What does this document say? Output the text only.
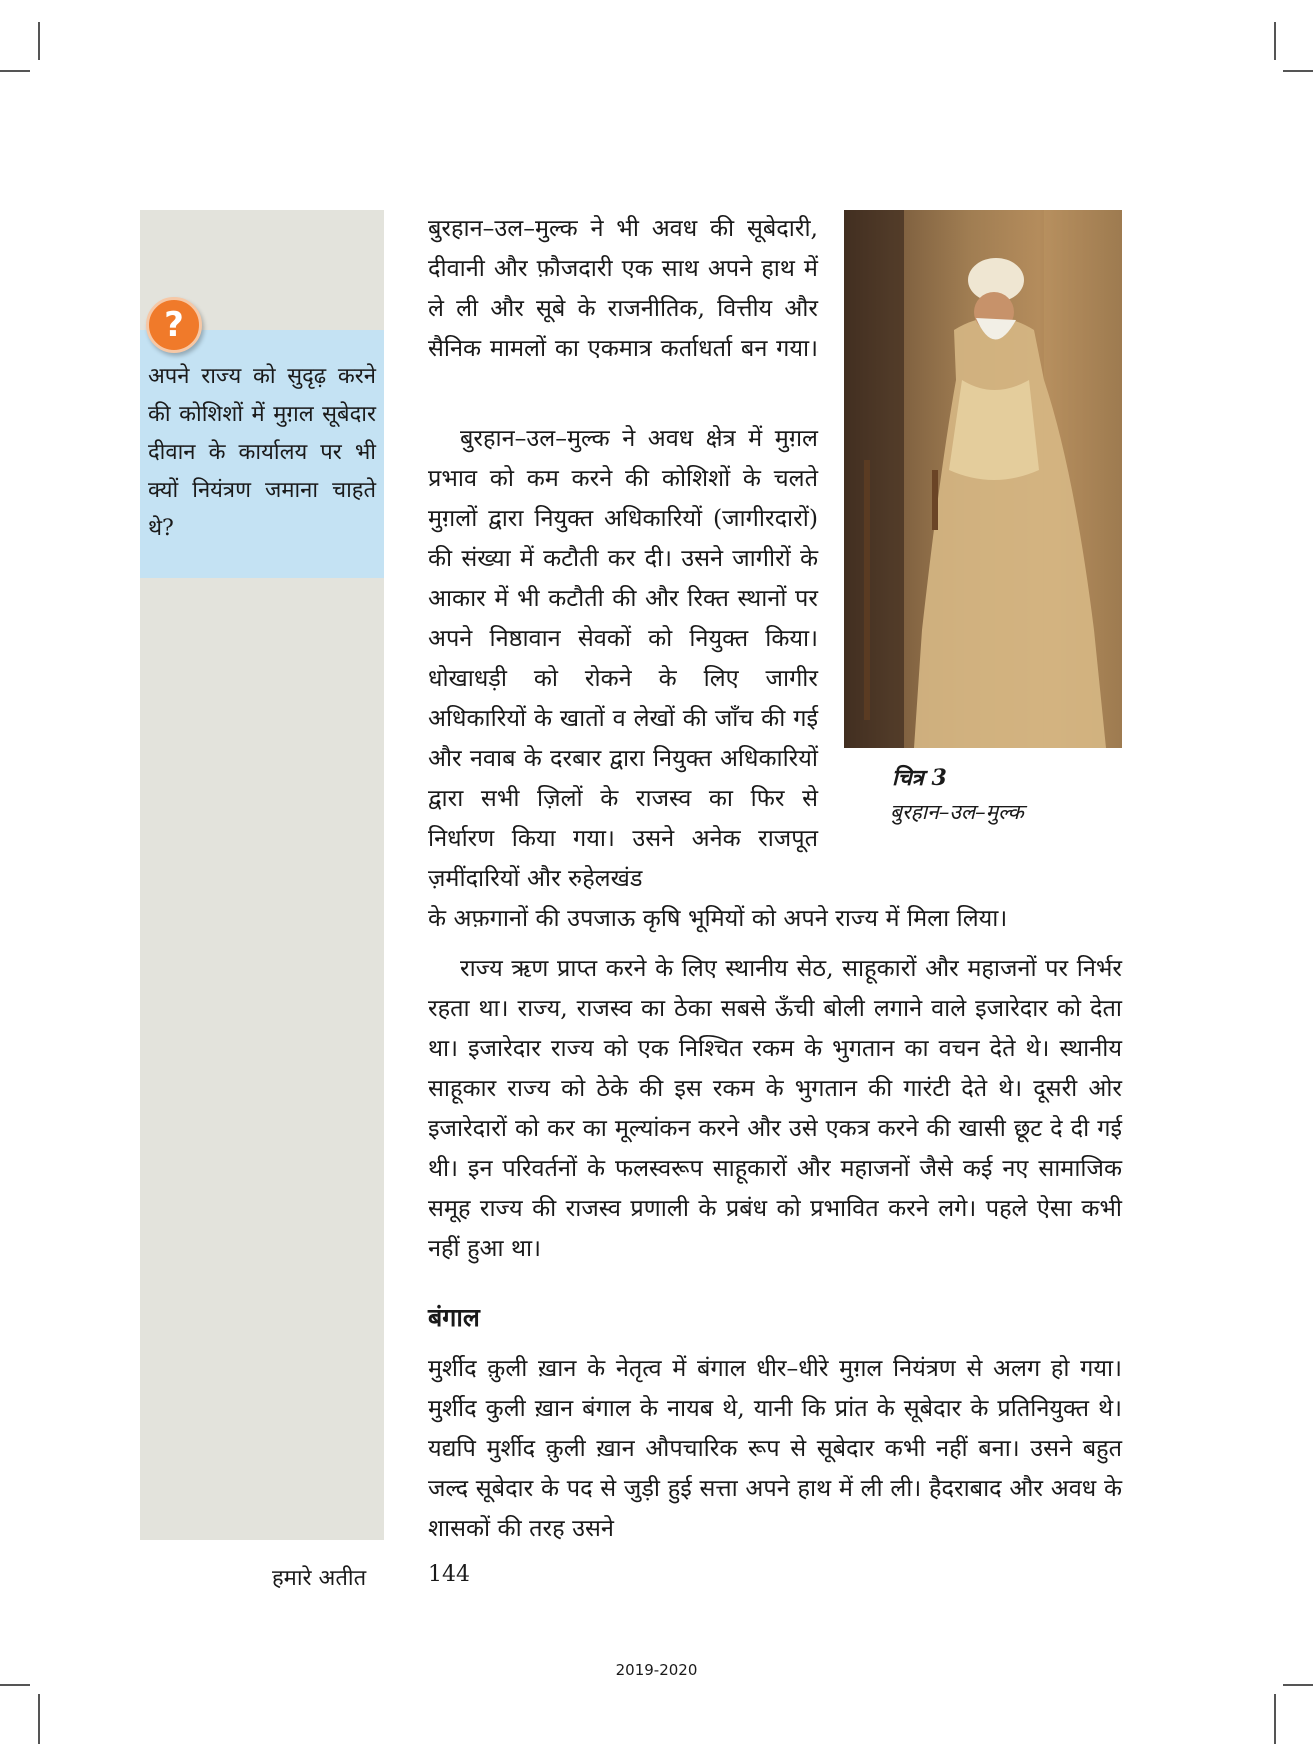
?

अपने राज्य को सुदृढ़ करने की कोशिशों में मुग़ल सूबेदार दीवान के कार्यालय पर भी क्यों नियंत्रण जमाना चाहते थे?

चित्र 3
बुरहान–उल–मुल्क

बुरहान–उल–मुल्क ने भी अवध की सूबेदारी, दीवानी और फ़ौजदारी एक साथ अपने हाथ में ले ली और सूबे के राजनीतिक, वित्तीय और सैनिक मामलों का एकमात्र कर्ताधर्ता बन गया।

बुरहान–उल–मुल्क ने अवध क्षेत्र में मुग़ल प्रभाव को कम करने की कोशिशों के चलते मुग़लों द्वारा नियुक्त अधिकारियों (जागीरदारों) की संख्या में कटौती कर दी। उसने जागीरों के आकार में भी कटौती की और रिक्त स्थानों पर अपने निष्ठावान सेवकों को नियुक्त किया। धोखाधड़ी को रोकने के लिए जागीर अधिकारियों के खातों व लेखों की जाँच की गई और नवाब के दरबार द्वारा नियुक्त अधिकारियों द्वारा सभी ज़िलों के राजस्व का फिर से निर्धारण किया गया। उसने अनेक राजपूत ज़मींदारियों और रुहेलखंड

के अफ़गानों की उपजाऊ कृषि भूमियों को अपने राज्य में मिला लिया।

राज्य ऋण प्राप्त करने के लिए स्थानीय सेठ, साहूकारों और महाजनों पर निर्भर रहता था। राज्य, राजस्व का ठेका सबसे ऊँची बोली लगाने वाले इजारेदार को देता था। इजारेदार राज्य को एक निश्चित रकम के भुगतान का वचन देते थे। स्थानीय साहूकार राज्य को ठेके की इस रकम के भुगतान की गारंटी देते थे। दूसरी ओर इजारेदारों को कर का मूल्यांकन करने और उसे एकत्र करने की खासी छूट दे दी गई थी। इन परिवर्तनों के फलस्वरूप साहूकारों और महाजनों जैसे कई नए सामाजिक समूह राज्य की राजस्व प्रणाली के प्रबंध को प्रभावित करने लगे। पहले ऐसा कभी नहीं हुआ था।

बंगाल

मुर्शीद क़ुली ख़ान के नेतृत्व में बंगाल धीर–धीरे मुग़ल नियंत्रण से अलग हो गया। मुर्शीद कुली ख़ान बंगाल के नायब थे, यानी कि प्रांत के सूबेदार के प्रतिनियुक्त थे। यद्यपि मुर्शीद क़ुली ख़ान औपचारिक रूप से सूबेदार कभी नहीं बना। उसने बहुत जल्द सूबेदार के पद से जुड़ी हुई सत्ता अपने हाथ में ली ली। हैदराबाद और अवध के शासकों की तरह उसने

हमारे अतीत	144
2019-2020
